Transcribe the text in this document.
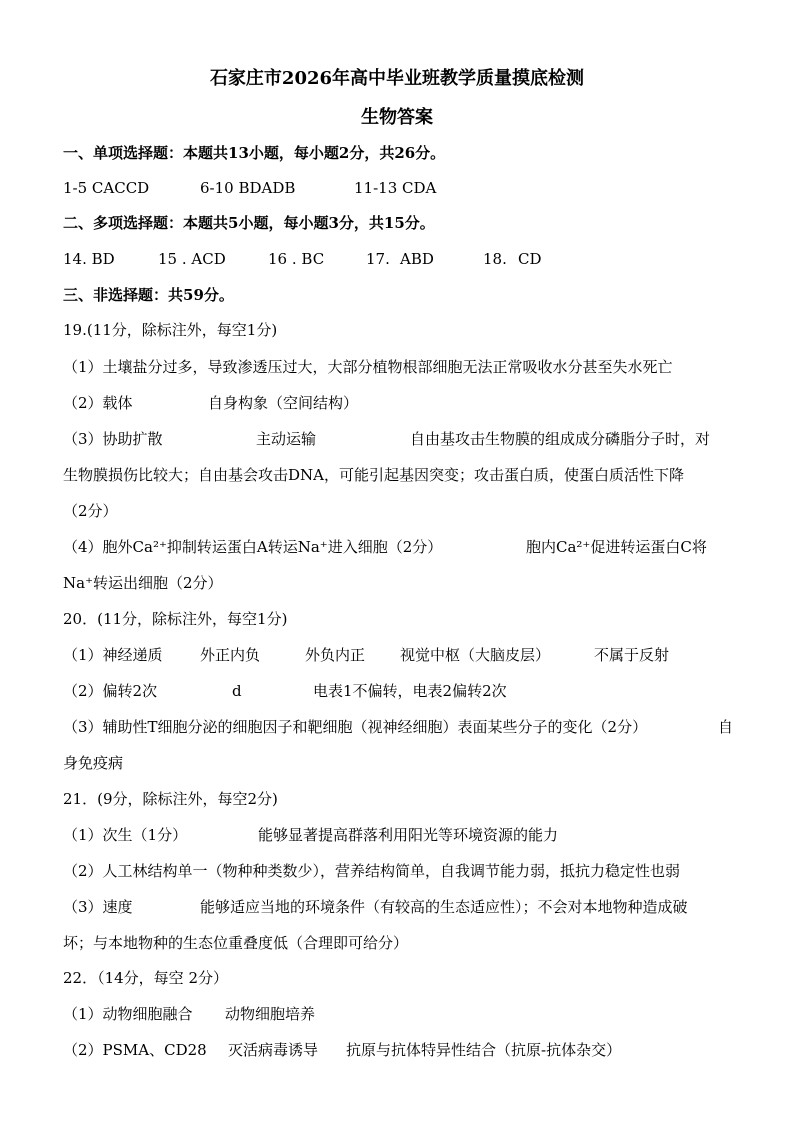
石家庄市2026年高中毕业班教学质量摸底检测
生物答案
一、单项选择题：本题共13小题，每小题2分，共26分。
1-5 CACCD	6-10 BDADB	11-13 CDA
二、多项选择题：本题共5小题，每小题3分，共15分。
14. BD	15 . ACD	16 . BC	17. ABD	18. CD
三、非选择题：共59分。
19.(11分，除标注外，每空1分)
（1）土壤盐分过多，导致渗透压过大，大部分植物根部细胞无法正常吸收水分甚至失水死亡
（2）载体	自身构象（空间结构）
（3）协助扩散	主动运输	自由基攻击生物膜的组成成分磷脂分子时，对
生物膜损伤比较大；自由基会攻击DNA，可能引起基因突变；攻击蛋白质，使蛋白质活性下降
（2分）
（4）胞外Ca²⁺抑制转运蛋白A转运Na⁺进入细胞（2分）	胞内Ca²⁺促进转运蛋白C将
Na⁺转运出细胞（2分）
20．(11分，除标注外，每空1分)
（1）神经递质 外正内负	外负内正 视觉中枢（大脑皮层）	不属于反射
（2）偏转2次	d	电表1不偏转，电表2偏转2次
（3）辅助性T细胞分泌的细胞因子和靶细胞（视神经细胞）表面某些分子的变化（2分）	自
身免疫病
21．(9分，除标注外，每空2分)
（1）次生（1分）	能够显著提高群落利用阳光等环境资源的能力
（2）人工林结构单一（物种种类数少），营养结构简单，自我调节能力弱，抵抗力稳定性也弱
（3）速度	能够适应当地的环境条件（有较高的生态适应性）；不会对本地物种造成破
坏；与本地物种的生态位重叠度低（合理即可给分）
22．（14分，每空 2分）
（1）动物细胞融合 动物细胞培养
（2）PSMA、CD28 灭活病毒诱导 抗原与抗体特异性结合（抗原-抗体杂交）
